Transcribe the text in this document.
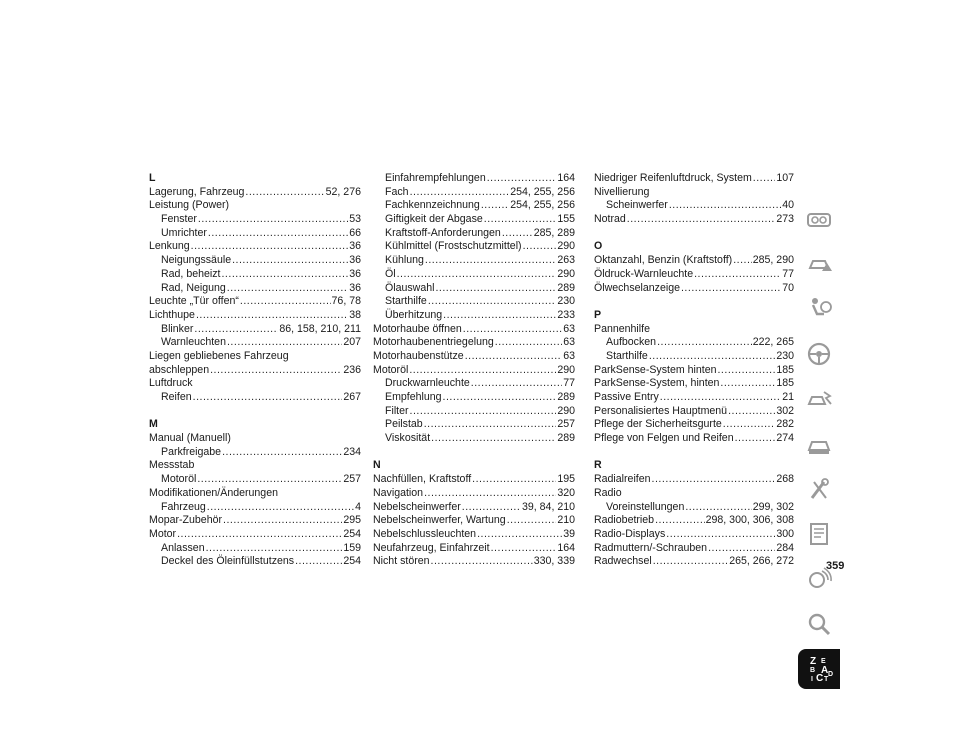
L
Lagerung, Fahrzeug .....	52, 276
Leistung (Power)
Fenster .....	53
Umrichter .....	66
Lenkung .....	36
Neigungssäule .....	36
Rad, beheizt .....	36
Rad, Neigung .....	36
Leuchte „Tür offen“ .....	76, 78
Lichthupe .....	38
Blinker .....	86, 158, 210, 211
Warnleuchten .....	207
Liegen gebliebenes Fahrzeug
abschleppen .....	236
Luftdruck
Reifen .....	267
M
Manual (Manuell)
Parkfreigabe .....	234
Messstab
Motoröl .....	257
Modifikationen/Änderungen
Fahrzeug .....	4
Mopar-Zubehör .....	295
Motor .....	254
Anlassen .....	159
Deckel des Öleinfüllstutzens .....	254
Einfahrempfehlungen .....	164
Fach .....	254, 255, 256
Fachkennzeichnung .....	254, 255, 256
Giftigkeit der Abgase .....	155
Kraftstoff-Anforderungen .....	285, 289
Kühlmittel (Frostschutzmittel) .....	290
Kühlung .....	263
Öl .....	290
Ölauswahl .....	289
Starthilfe .....	230
Überhitzung .....	233
Motorhaube öffnen .....	63
Motorhaubenentriegelung .....	63
Motorhaubenstütze .....	63
Motoröl .....	290
Druckwarnleuchte .....	77
Empfehlung .....	289
Filter .....	290
Peilstab .....	257
Viskosität .....	289
N
Nachfüllen, Kraftstoff .....	195
Navigation .....	320
Nebelscheinwerfer .....	39, 84, 210
Nebelscheinwerfer, Wartung .....	210
Nebelschlussleuchten .....	39
Neufahrzeug, Einfahrzeit .....	164
Nicht stören .....	330, 339
Niedriger Reifenluftdruck, System ..... 107
Nivellierung
Scheinwerfer .....	40
Notrad .....	273
O
Oktanzahl, Benzin (Kraftstoff) ..... 285, 290
Öldruck-Warnleuchte .....	77
Ölwechselanzeige .....	70
P
Pannenhilfe
Aufbocken .....	222, 265
Starthilfe .....	230
ParkSense-System hinten .....	185
ParkSense-System, hinten .....	185
Passive Entry .....	21
Personalisiertes Hauptmenü .....	302
Pflege der Sicherheitsgurte .....	282
Pflege von Felgen und Reifen .....	274
R
Radialreifen .....	268
Radio
Voreinstellungen .....	299, 302
Radiobetrieb .....	298, 300, 306, 308
Radio-Displays .....	300
Radmuttern/-Schrauben .....	284
Radwechsel .....	265, 266, 272
Z E
B A D
I C T
359
